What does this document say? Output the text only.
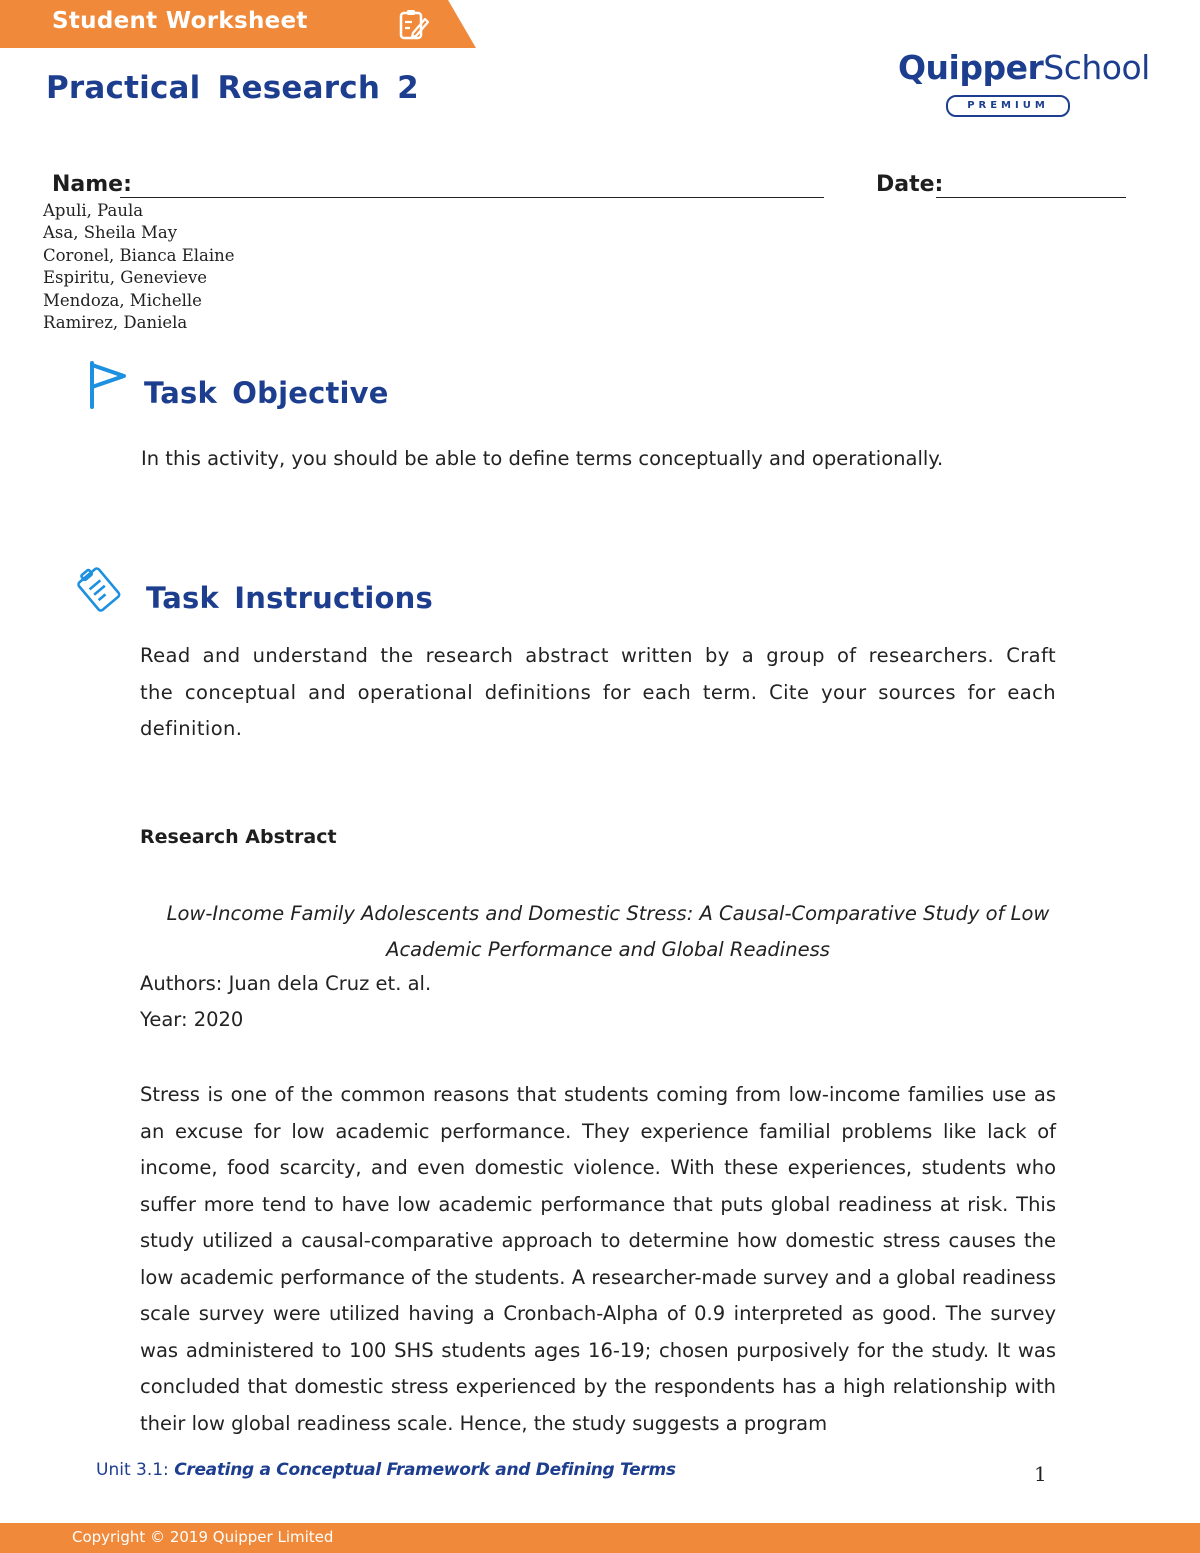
Student Worksheet
Practical Research 2
QuipperSchool
PREMIUM
Name:	Date:
Apuli, Paula
Asa, Sheila May
Coronel, Bianca Elaine
Espiritu, Genevieve
Mendoza, Michelle
Ramirez, Daniela
Task Objective
In this activity, you should be able to define terms conceptually and operationally.
Task Instructions
Read and understand the research abstract written by a group of researchers. Craft the conceptual and operational definitions for each term. Cite your sources for each definition.
Research Abstract
Low-Income Family Adolescents and Domestic Stress: A Causal-Comparative Study of Low
Academic Performance and Global Readiness
Authors: Juan dela Cruz et. al.
Year: 2020
Stress is one of the common reasons that students coming from low-income families use as an excuse for low academic performance. They experience familial problems like lack of income, food scarcity, and even domestic violence. With these experiences, students who suffer more tend to have low academic performance that puts global readiness at risk. This study utilized a causal-comparative approach to determine how domestic stress causes the low academic performance of the students. A researcher-made survey and a global readiness scale survey were utilized having a Cronbach-Alpha of 0.9 interpreted as good. The survey was administered to 100 SHS students ages 16-19; chosen purposively for the study. It was concluded that domestic stress experienced by the respondents has a high relationship with their low global readiness scale. Hence, the study suggests a program
Unit 3.1: Creating a Conceptual Framework and Defining Terms	1
Copyright © 2019 Quipper Limited
